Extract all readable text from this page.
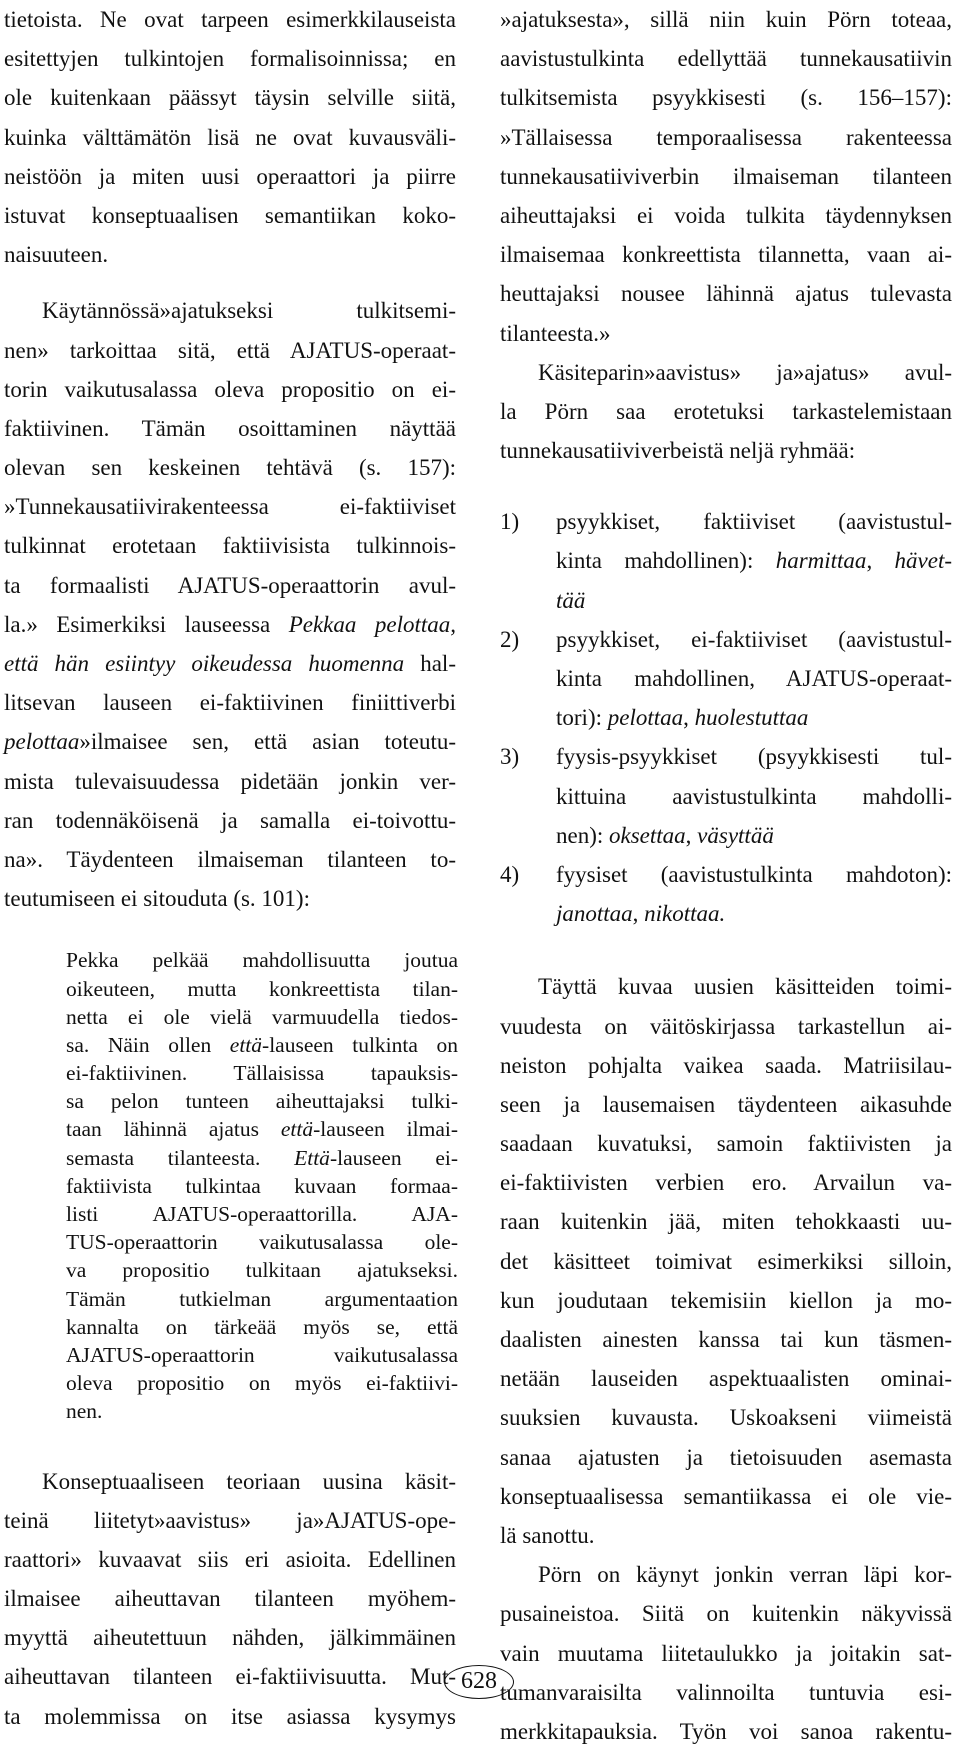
tietoista. Ne ovat tarpeen esimerkkilauseista
esitettyjen tulkintojen formalisoinnissa; en
ole kuitenkaan päässyt täysin selville siitä,
kuinka välttämätön lisä ne ovat kuvausväli-
neistöön ja miten uusi operaattori ja piirre
istuvat konseptuaalisen semantiikan koko-
naisuuteen.
Käytännössä»ajatukseksi tulkitsemi-
nen» tarkoittaa sitä, että AJATUS-operaat-
torin vaikutusalassa oleva propositio on ei-
faktiivinen. Tämän osoittaminen näyttää
olevan sen keskeinen tehtävä (s. 157):
»Tunnekausatiivirakenteessa ei-faktiiviset
tulkinnat erotetaan faktiivisista tulkinnois-
ta formaalisti AJATUS-operaattorin avul-
la.» Esimerkiksi lauseessa Pekkaa pelottaa,
että hän esiintyy oikeudessa huomenna hal-
litsevan lauseen ei-faktiivinen finiittiverbi
pelottaa»ilmaisee sen, että asian toteutu-
mista tulevaisuudessa pidetään jonkin ver-
ran todennäköisenä ja samalla ei-toivottu-
na». Täydenteen ilmaiseman tilanteen to-
teutumiseen ei sitouduta (s. 101):
Pekka pelkää mahdollisuutta joutua
oikeuteen, mutta konkreettista tilan-
netta ei ole vielä varmuudella tiedos-
sa. Näin ollen että-lauseen tulkinta on
ei-faktiivinen. Tällaisissa tapauksis-
sa pelon tunteen aiheuttajaksi tulki-
taan lähinnä ajatus että-lauseen ilmai-
semasta tilanteesta. Että-lauseen ei-
faktiivista tulkintaa kuvaan formaa-
listi AJATUS-operaattorilla. AJA-
TUS-operaattorin vaikutusalassa ole-
va propositio tulkitaan ajatukseksi.
Tämän tutkielman argumentaation
kannalta on tärkeää myös se, että
AJATUS-operaattorin vaikutusalassa
oleva propositio on myös ei-faktiivi-
nen.
Konseptuaaliseen teoriaan uusina käsit-
teinä liitetyt»aavistus» ja»AJATUS-ope-
raattori» kuvaavat siis eri asioita. Edellinen
ilmaisee aiheuttavan tilanteen myöhem-
myyttä aiheutettuun nähden, jälkimmäinen
aiheuttavan tilanteen ei-faktiivisuutta. Mut-
ta molemmissa on itse asiassa kysymys
»ajatuksesta», sillä niin kuin Pörn toteaa,
aavistustulkinta edellyttää tunnekausatiivin
tulkitsemista psyykkisesti (s. 156–157):
»Tällaisessa temporaalisessa rakenteessa
tunnekausatiiviverbin ilmaiseman tilanteen
aiheuttajaksi ei voida tulkita täydennyksen
ilmaisemaa konkreettista tilannetta, vaan ai-
heuttajaksi nousee lähinnä ajatus tulevasta
tilanteesta.»
Käsiteparin»aavistus» ja»ajatus» avul-
la Pörn saa erotetuksi tarkastelemistaan
tunnekausatiiviverbeistä neljä ryhmää:
1)	psyykkiset, faktiiviset (aavistustul-
kinta mahdollinen): harmittaa, hävet-
tää
2)	psyykkiset, ei-faktiiviset (aavistustul-
kinta mahdollinen, AJATUS-operaat-
tori): pelottaa, huolestuttaa
3)	fyysis-psyykkiset (psyykkisesti tul-
kittuina aavistustulkinta mahdolli-
nen): oksettaa, väsyttää
4)	fyysiset (aavistustulkinta mahdoton):
janottaa, nikottaa.
Täyttä kuvaa uusien käsitteiden toimi-
vuudesta on väitöskirjassa tarkastellun ai-
neiston pohjalta vaikea saada. Matriisilau-
seen ja lausemaisen täydenteen aikasuhde
saadaan kuvatuksi, samoin faktiivisten ja
ei-faktiivisten verbien ero. Arvailun va-
raan kuitenkin jää, miten tehokkaasti uu-
det käsitteet toimivat esimerkiksi silloin,
kun joudutaan tekemisiin kiellon ja mo-
daalisten ainesten kanssa tai kun täsmen-
netään lauseiden aspektuaalisten ominai-
suuksien kuvausta. Uskoakseni viimeistä
sanaa ajatusten ja tietoisuuden asemasta
konseptuaalisessa semantiikassa ei ole vie-
lä sanottu.
Pörn on käynyt jonkin verran läpi kor-
pusaineistoa. Siitä on kuitenkin näkyvissä
vain muutama liitetaulukko ja joitakin sat-
tumanvaraisilta valinnoilta tuntuvia esi-
merkkitapauksia. Työn voi sanoa rakentu-
628
